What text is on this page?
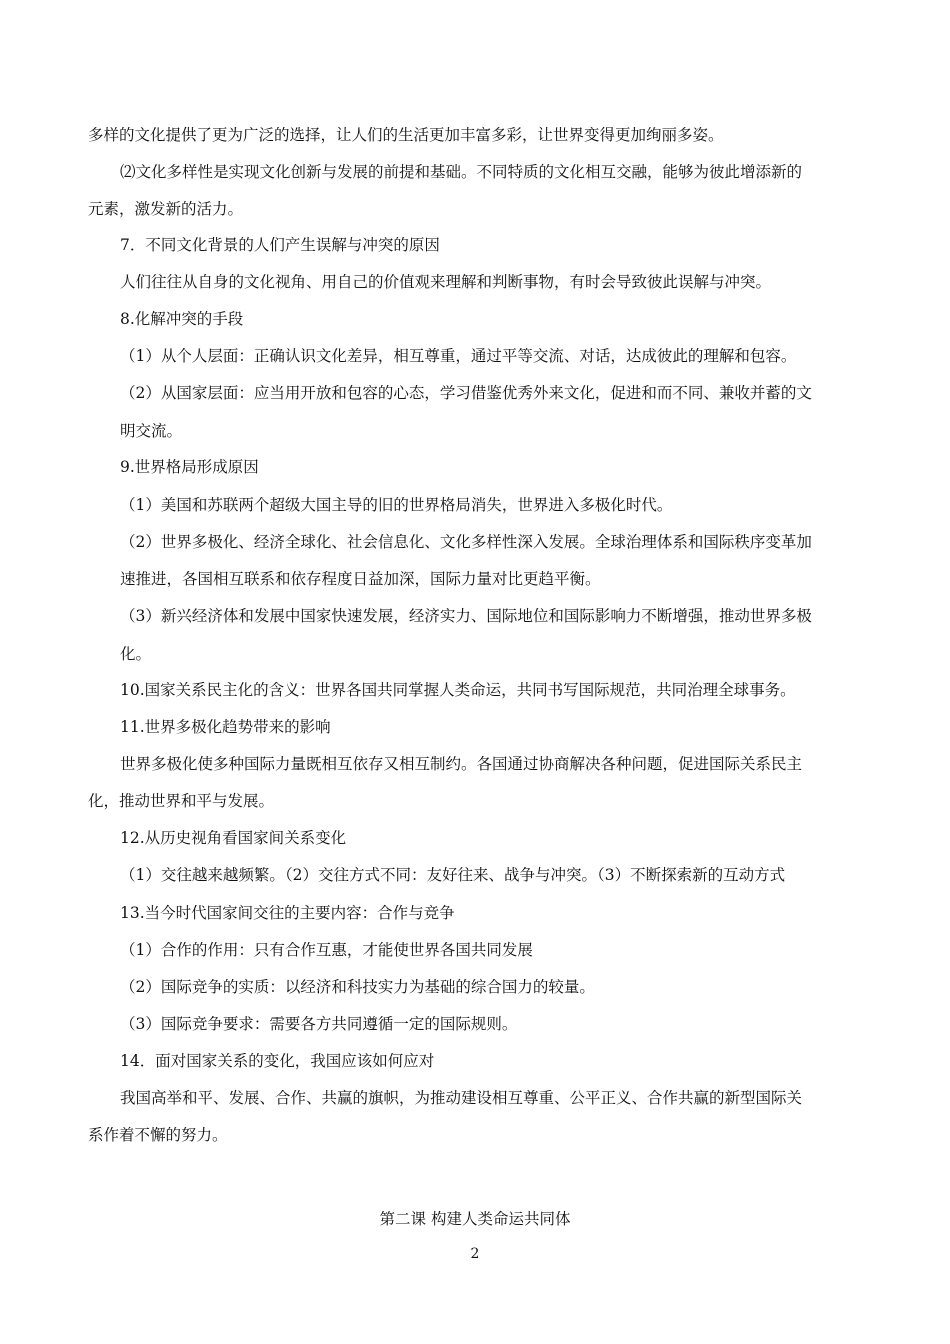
多样的文化提供了更为广泛的选择，让人们的生活更加丰富多彩，让世界变得更加绚丽多姿。

⑵文化多样性是实现文化创新与发展的前提和基础。不同特质的文化相互交融，能够为彼此增添新的

元素，激发新的活力。

7．不同文化背景的人们产生误解与冲突的原因

人们往往从自身的文化视角、用自己的价值观来理解和判断事物，有时会导致彼此误解与冲突。

8.化解冲突的手段

（1）从个人层面：正确认识文化差异，相互尊重，通过平等交流、对话，达成彼此的理解和包容。

（2）从国家层面：应当用开放和包容的心态，学习借鉴优秀外来文化，促进和而不同、兼收并蓄的文

明交流。

9.世界格局形成原因

（1）美国和苏联两个超级大国主导的旧的世界格局消失，世界进入多极化时代。

（2）世界多极化、经济全球化、社会信息化、文化多样性深入发展。全球治理体系和国际秩序变革加

速推进，各国相互联系和依存程度日益加深，国际力量对比更趋平衡。

（3）新兴经济体和发展中国家快速发展，经济实力、国际地位和国际影响力不断增强，推动世界多极

化。

10.国家关系民主化的含义：世界各国共同掌握人类命运，共同书写国际规范，共同治理全球事务。

11.世界多极化趋势带来的影响

世界多极化使多种国际力量既相互依存又相互制约。各国通过协商解决各种问题，促进国际关系民主

化，推动世界和平与发展。

12.从历史视角看国家间关系变化

（1）交往越来越频繁。（2）交往方式不同：友好往来、战争与冲突。（3）不断探索新的互动方式

13.当今时代国家间交往的主要内容：合作与竞争

（1）合作的作用：只有合作互惠，才能使世界各国共同发展

（2）国际竞争的实质：以经济和科技实力为基础的综合国力的较量。

（3）国际竞争要求：需要各方共同遵循一定的国际规则。

14．面对国家关系的变化，我国应该如何应对

我国高举和平、发展、合作、共赢的旗帜，为推动建设相互尊重、公平正义、合作共赢的新型国际关

系作着不懈的努力。

第二课 构建人类命运共同体

2
